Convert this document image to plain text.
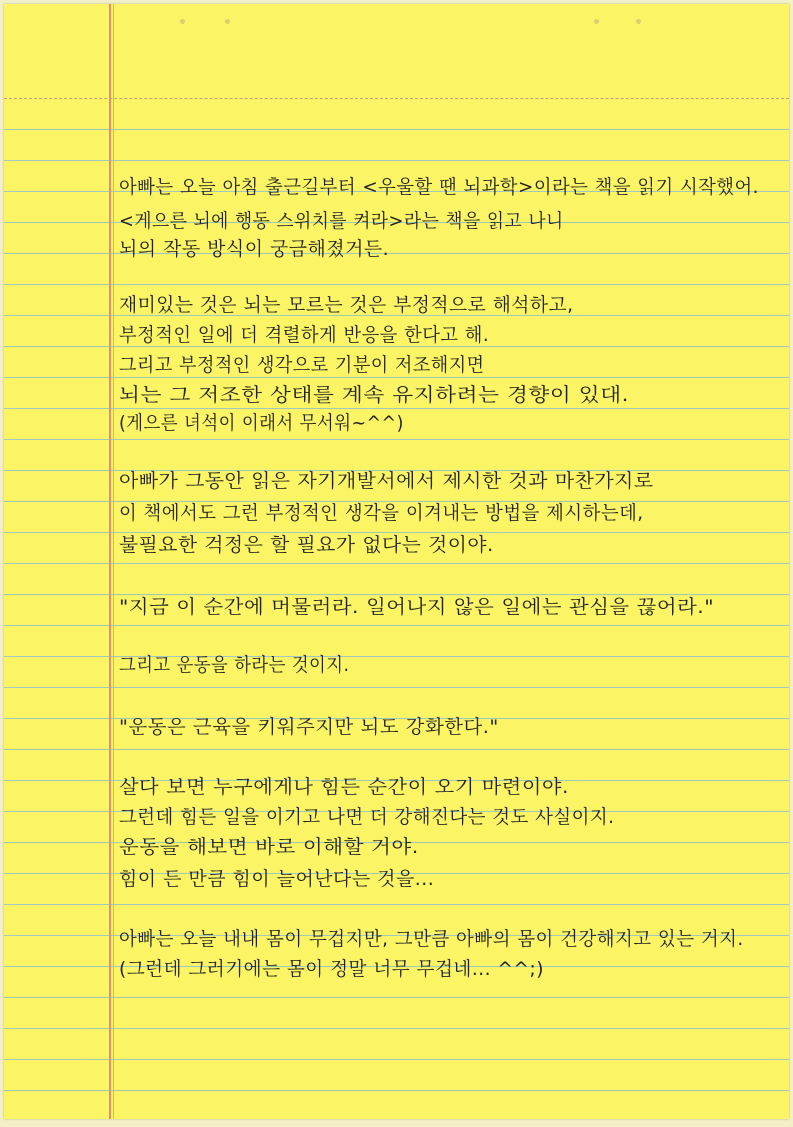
아빠는 오늘 아침 출근길부터 <우울할 땐 뇌과학>이라는 책을 읽기 시작했어.
<게으른 뇌에 행동 스위치를 켜라>라는 책을 읽고 나니
뇌의 작동 방식이 궁금해졌거든.
재미있는 것은 뇌는 모르는 것은 부정적으로 해석하고,
부정적인 일에 더 격렬하게 반응을 한다고 해.
그리고 부정적인 생각으로 기분이 저조해지면
뇌는 그 저조한 상태를 계속 유지하려는 경향이 있대.
(게으른 녀석이 이래서 무서워~^^)
아빠가 그동안 읽은 자기개발서에서 제시한 것과 마찬가지로
이 책에서도 그런 부정적인 생각을 이겨내는 방법을 제시하는데,
불필요한 걱정은 할 필요가 없다는 것이야.
"지금 이 순간에 머물러라. 일어나지 않은 일에는 관심을 끊어라."
그리고 운동을 하라는 것이지.
"운동은 근육을 키워주지만 뇌도 강화한다."
살다 보면 누구에게나 힘든 순간이 오기 마련이야.
그런데 힘든 일을 이기고 나면 더 강해진다는 것도 사실이지.
운동을 해보면 바로 이해할 거야.
힘이 든 만큼 힘이 늘어난다는 것을...
아빠는 오늘 내내 몸이 무겁지만, 그만큼 아빠의 몸이 건강해지고 있는 거지.
(그런데 그러기에는 몸이 정말 너무 무겁네... ^^;)
